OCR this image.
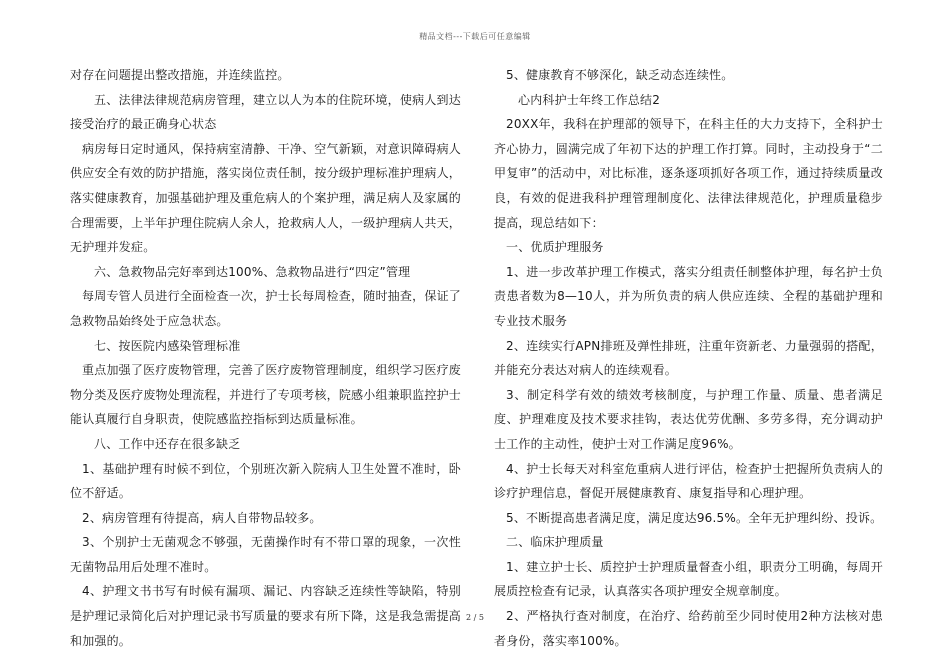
精品文档---下载后可任意编辑

对存在问题提出整改措施，并连续监控。

五、法律法律规范病房管理，建立以人为本的住院环境，使病人到达接受治疗的最正确身心状态

病房每日定时通风，保持病室清静、干净、空气新颖，对意识障碍病人供应安全有效的防护措施，落实岗位责任制，按分级护理标准护理病人，落实健康教育，加强基础护理及重危病人的个案护理，满足病人及家属的合理需要，上半年护理住院病人余人，抢救病人人，一级护理病人共天，无护理并发症。

六、急救物品完好率到达100%、急救物品进行“四定”管理

每周专管人员进行全面检查一次，护士长每周检查，随时抽查，保证了急救物品始终处于应急状态。

七、按医院内感染管理标准

重点加强了医疗废物管理，完善了医疗废物管理制度，组织学习医疗废物分类及医疗废物处理流程，并进行了专项考核，院感小组兼职监控护士能认真履行自身职责，使院感监控指标到达质量标准。

八、工作中还存在很多缺乏

1、基础护理有时候不到位，个别班次新入院病人卫生处置不准时，卧位不舒适。

2、病房管理有待提高，病人自带物品较多。

3、个别护士无菌观念不够强，无菌操作时有不带口罩的现象，一次性无菌物品用后处理不准时。

4、护理文书书写有时候有漏项、漏记、内容缺乏连续性等缺陷，特别是护理记录简化后对护理记录书写质量的要求有所下降，这是我急需提高和加强的。

5、健康教育不够深化，缺乏动态连续性。

心内科护士年终工作总结2

20XX年，我科在护理部的领导下，在科主任的大力支持下，全科护士齐心协力，圆满完成了年初下达的护理工作打算。同时，主动投身于“二甲复审”的活动中，对比标准，逐条逐项抓好各项工作，通过持续质量改良，有效的促进我科护理管理制度化、法律法律规范化，护理质量稳步提高，现总结如下：

一、优质护理服务

1、进一步改革护理工作模式，落实分组责任制整体护理，每名护士负责患者数为8—10人，并为所负责的病人供应连续、全程的基础护理和专业技术服务

2、连续实行APN排班及弹性排班，注重年资新老、力量强弱的搭配，并能充分表达对病人的连续观看。

3、制定科学有效的绩效考核制度，与护理工作量、质量、患者满足度、护理难度及技术要求挂钩，表达优劳优酬、多劳多得，充分调动护士工作的主动性，使护士对工作满足度96%。

4、护士长每天对科室危重病人进行评估，检查护士把握所负责病人的诊疗护理信息，督促开展健康教育、康复指导和心理护理。

5、不断提高患者满足度，满足度达96.5%。全年无护理纠纷、投诉。

二、临床护理质量

1、建立护士长、质控护士护理质量督查小组，职责分工明确，每周开展质控检查有记录，认真落实各项护理安全规章制度。

2、严格执行查对制度，在治疗、给药前至少同时使用2种方法核对患者身份，落实率100%。

2 / 5
